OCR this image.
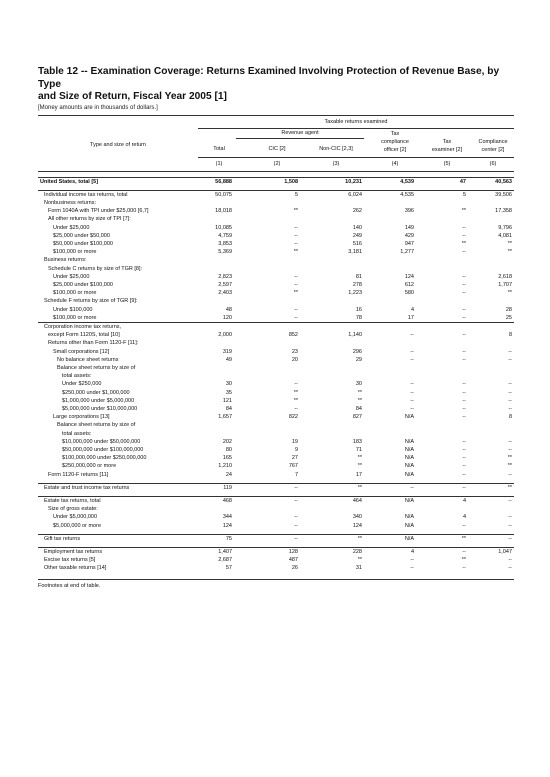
Table 12 -- Examination Coverage: Returns Examined Involving Protection of Revenue Base, by Type

and Size of Return, Fiscal Year 2005 [1]

[Money amounts are in thousands of dollars.]
Taxable returns examined
Revenue agent
Type and size of return
Total	CIC [2]	Non-CIC [2,3]
Tax
compliance
officer [2]
Tax
examiner [2]
Compliance
center [2]
(1)	(2)	(3)	(4)	(5)	(6)
United States, total [5]	56,888	1,508	10,231	4,539	47	40,563

Individual income tax returns, total	50,075	5	6,024	4,535	5	39,506
Nonbusiness returns:						
Form 1040A with TPI under $25,000 [6,7]	18,018	**	262	396	**	17,358
All other returns by size of TPI [7]:						
Under $25,000	10,085	--	140	149	--	9,796
$25,000 under $50,000	4,759	--	249	429	--	4,081
$50,000 under $100,000	3,853	--	516	947	**	**
$100,000 or more	5,369	**	3,181	1,277	--	**
Business returns:						
Schedule C returns by size of TGR [8]:						
Under $25,000	2,823	--	81	124	--	2,618
$25,000 under $100,000	2,597	--	278	612	--	1,707
$100,000 or more	2,403	**	1,223	580	--	**
Schedule F returns by size of TGR [9]:						
Under $100,000	48	--	16	4	--	28
$100,000 or more	120	--	78	17	--	25
Corporation income tax returns,						
except Form 1120S, total [10]	2,000	852	1,140	--	--	8
Returns other than Form 1120-F [11]:						
Small corporations [12]	319	23	296	--	--	--
No balance sheet returns	49	20	29	--	--	--
Balance sheet returns by size of						
total assets:						
Under $250,000	30	--	30	--	--	--
$250,000 under $1,000,000	35	**	**	--	--	--
$1,000,000 under $5,000,000	121	**	**	--	--	--
$5,000,000 under $10,000,000	84	--	84	--	--	--
Large corporations [13]	1,657	822	827	N/A	--	8
Balance sheet returns by size of						
total assets:						
$10,000,000 under $50,000,000	202	19	183	N/A	--	--
$50,000,000 under $100,000,000	80	9	71	N/A	--	--
$100,000,000 under $250,000,000	165	27	**	N/A	--	**
$250,000,000 or more	1,210	767	**	N/A	--	**
Form 1120-F returns [11]	24	7	17	N/A	--	--

Estate and trust income tax returns	119	--	**	--	--	**

Estate tax returns, total	468	--	464	N/A	4	--
Size of gross estate:						
Under $5,000,000	344	--	340	N/A	4	--
$5,000,000 or more	124	--	124	N/A	--	--

Gift tax returns	75	--	**	N/A	**	--

Employment tax returns	1,407	128	228	4	--	1,047
Excise tax returns [5]	2,687	487	**	--	**	--
Other taxable returns [14]	57	26	31	--	--	--
Footnotes at end of table.
